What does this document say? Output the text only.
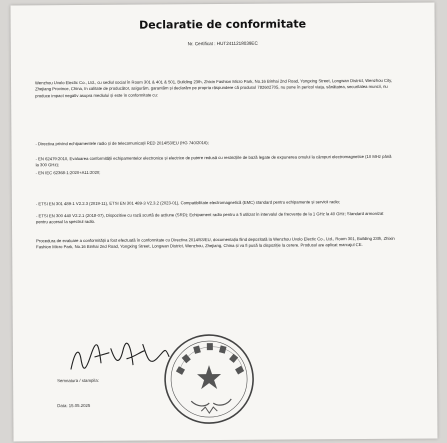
Declaratie de conformitate
Nr. Certificat : HUT2411218039EC
Wenzhou Uvolo Electic Co., Ltd., cu sediul social în Room 301 & 401 & 501, Building 23th, Zhixin Fashion Micro Park, No.16 Binhai 2nd Road, Yongxing Street, Longwan District, Wenzhou City, Zhejiang Province, China, în calitate de producător, asigurăm, garantăm și declarăm pe propria răspundere că produsul 782602705, nu pune în pericol viața, sănătatea, securitatea muncii, nu produce impact negativ asupra mediului și este în conformitate cu:
- Directiva privind echipamentele radio și de telecomunicații RED 2014/53/EU (HG 740/2016);
- EN 62479:2010, Evaluarea conformității echipamentelor electronice și electrice de putere redusă cu restricțiile de bază legate de expunerea omului la câmpuri electromagnetice (10 MHz până la 300 GHz);
- EN IEC 62368-1:2020+A11:2020;
- ETSI EN 301 489-1 V2.2.3 (2019-11), ETSI EN 301 489-3 V2.3.2 (2023-01), Compatibilitate electromagnetică (EMC) standard pentru echipamente și servicii radio;
- ETSI EN 300 440 V2.2.1 (2018-07), Dispozitive cu rază scurtă de acțiune (SRD); Echipament radio pentru a fi utilizat în intervalul de frecvențe de la 1 GHz la 40 GHz; Standard armonizat pentru accesul la spectrul radio.
Procedura de evaluare a conformității a fost efectuată în conformitate cu Directiva 2014/53/EU, documentația fiind depozitată la Wenzhou Uvolo Electic Co., Ltd., Room 301, Building 23th, Zhixin Fashion Micro Park, No.16 Binhai 2nd Road, Yongxing Street, Longwan District, Wenzhou, Zhejiang, China și va fi pusă la dispoziție la cerere. Produsul are aplicat marcajul CE.
Semnatura / stampila:
Data: 15.05.2025
